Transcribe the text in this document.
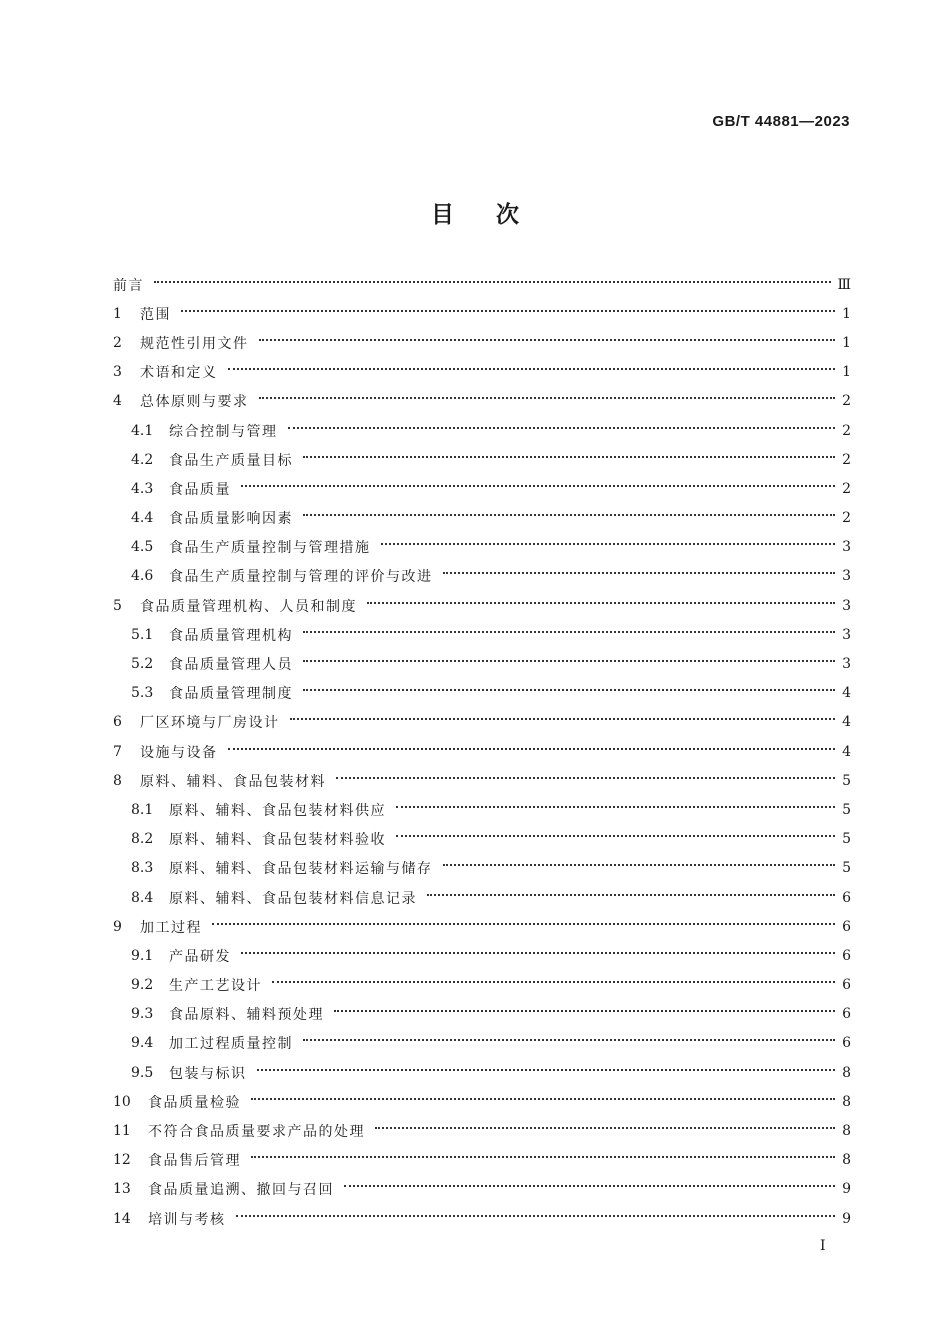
GB/T 44881—2023
目次
前言	Ⅲ
1	范围	1
2	规范性引用文件	1
3	术语和定义	1
4	总体原则与要求	2
4.1	综合控制与管理	2
4.2	食品生产质量目标	2
4.3	食品质量	2
4.4	食品质量影响因素	2
4.5	食品生产质量控制与管理措施	3
4.6	食品生产质量控制与管理的评价与改进	3
5	食品质量管理机构、人员和制度	3
5.1	食品质量管理机构	3
5.2	食品质量管理人员	3
5.3	食品质量管理制度	4
6	厂区环境与厂房设计	4
7	设施与设备	4
8	原料、辅料、食品包装材料	5
8.1	原料、辅料、食品包装材料供应	5
8.2	原料、辅料、食品包装材料验收	5
8.3	原料、辅料、食品包装材料运输与储存	5
8.4	原料、辅料、食品包装材料信息记录	6
9	加工过程	6
9.1	产品研发	6
9.2	生产工艺设计	6
9.3	食品原料、辅料预处理	6
9.4	加工过程质量控制	6
9.5	包装与标识	8
10	食品质量检验	8
11	不符合食品质量要求产品的处理	8
12	食品售后管理	8
13	食品质量追溯、撤回与召回	9
14	培训与考核	9
Ⅰ
